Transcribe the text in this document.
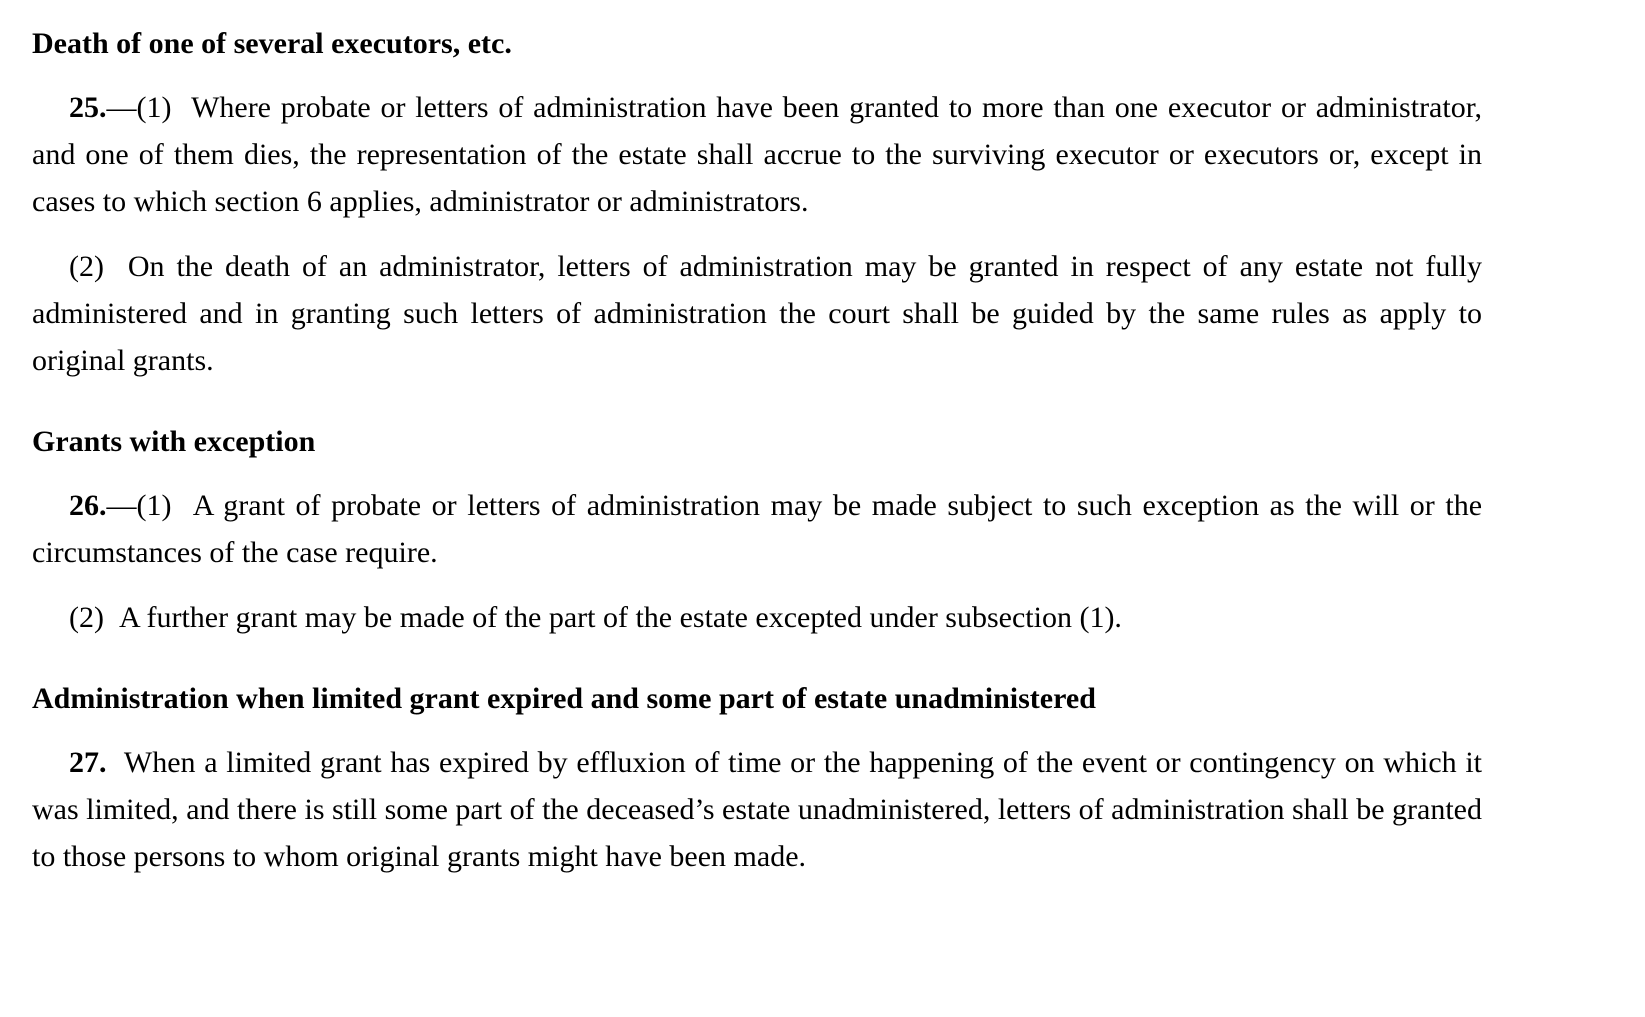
Death of one of several executors, etc.

25.—(1)  Where probate or letters of administration have been granted to more than one executor or administrator, and one of them dies, the representation of the estate shall accrue to the surviving executor or executors or, except in cases to which section 6 applies, administrator or administrators.

(2)  On the death of an administrator, letters of administration may be granted in respect of any estate not fully administered and in granting such letters of administration the court shall be guided by the same rules as apply to original grants.

Grants with exception

26.—(1)  A grant of probate or letters of administration may be made subject to such exception as the will or the circumstances of the case require.

(2)  A further grant may be made of the part of the estate excepted under subsection (1).

Administration when limited grant expired and some part of estate unadministered

27. When a limited grant has expired by effluxion of time or the happening of the event or contingency on which it was limited, and there is still some part of the deceased’s estate unadministered, letters of administration shall be granted to those persons to whom original grants might have been made.
